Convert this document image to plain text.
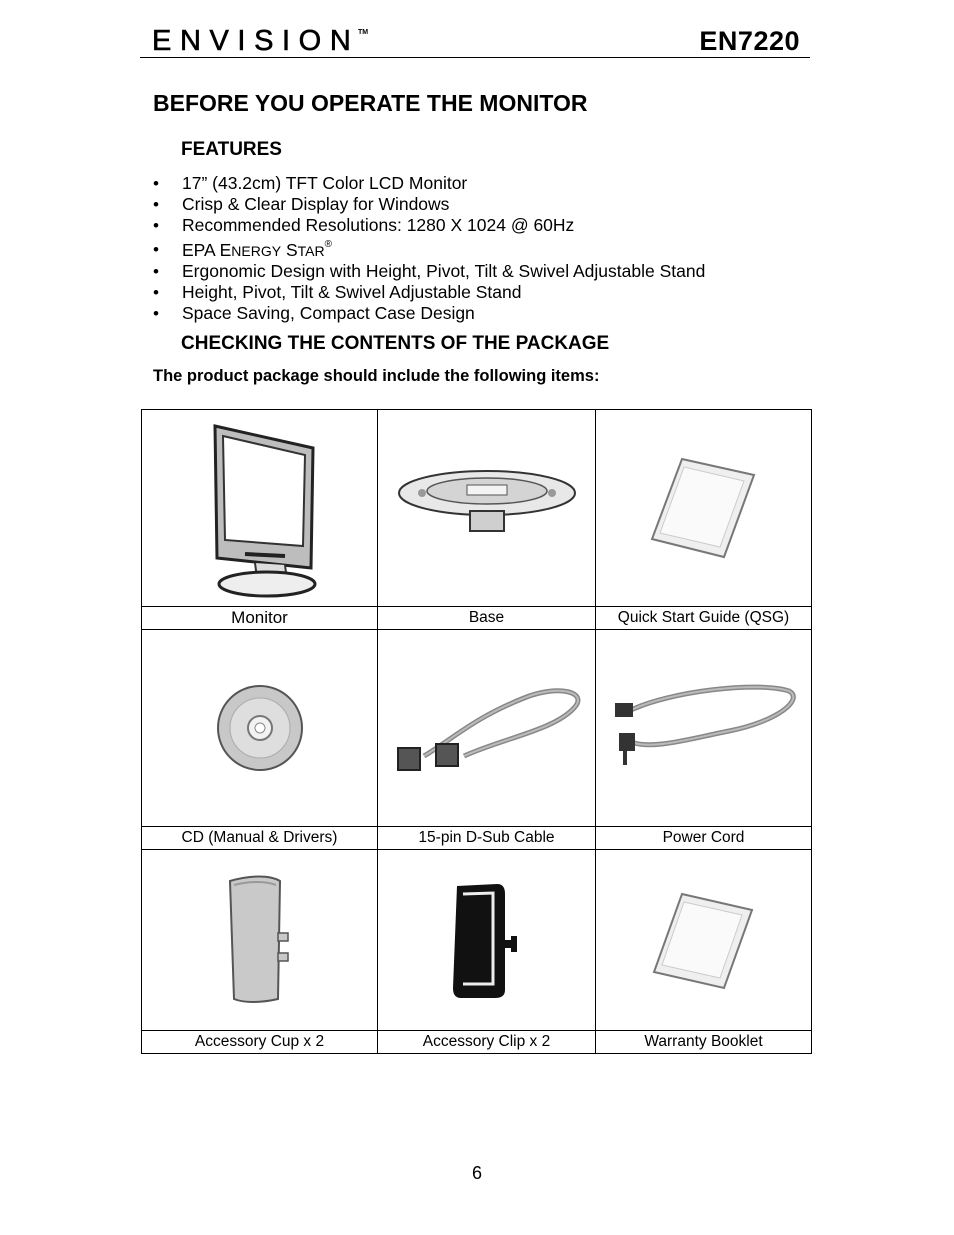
ENVISION TM	EN7220
BEFORE YOU OPERATE THE MONITOR
FEATURES
• 17” (43.2cm) TFT Color LCD Monitor
• Crisp & Clear Display for Windows
• Recommended Resolutions: 1280 X 1024 @ 60Hz
• EPA ENERGY STAR®
• Ergonomic Design with Height, Pivot, Tilt & Swivel Adjustable Stand
• Height, Pivot, Tilt & Swivel Adjustable Stand
• Space Saving, Compact Case Design
CHECKING THE CONTENTS OF THE PACKAGE

The product package should include the following items:

Monitor	Base	Quick Start Guide (QSG)

CD (Manual & Drivers)	15-pin D-Sub Cable	Power Cord

Accessory Cup x 2	Accessory Clip x 2	Warranty Booklet
6
